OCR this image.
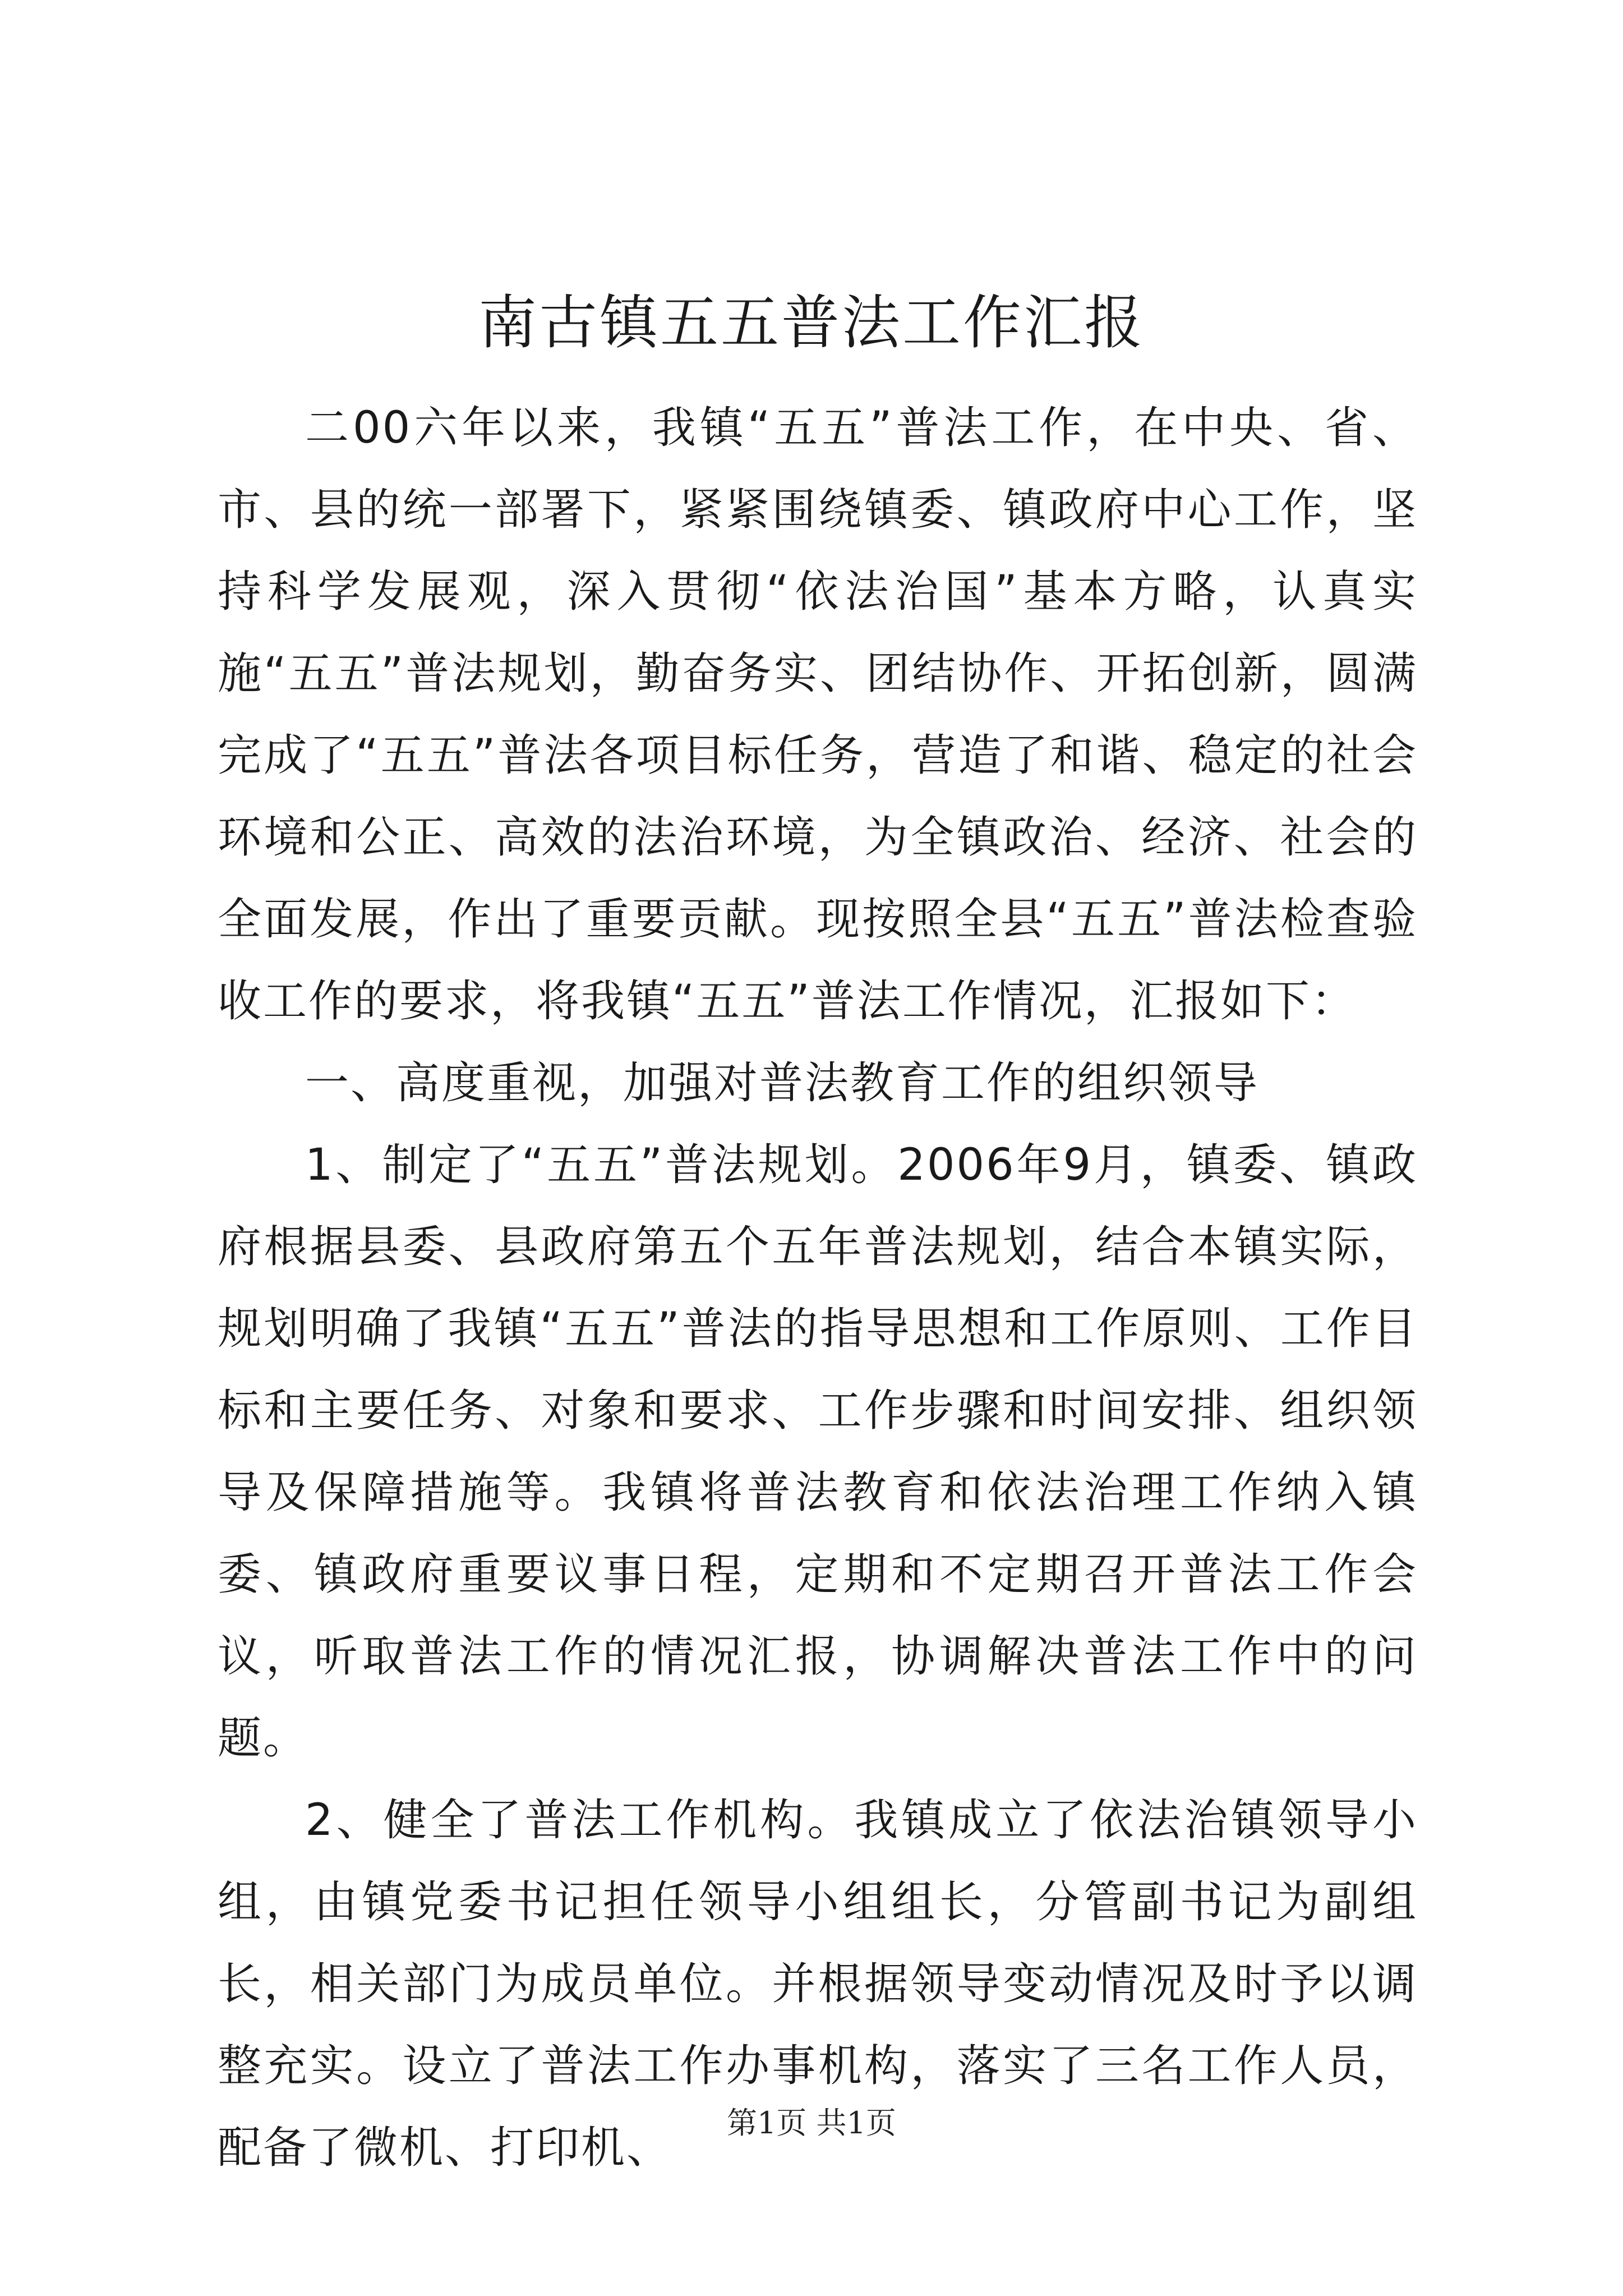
南古镇五五普法工作汇报

二00六年以来，我镇“五五”普法工作，在中央、省、市、县的统一部署下，紧紧围绕镇委、镇政府中心工作，坚持科学发展观，深入贯彻“依法治国”基本方略，认真实施“五五”普法规划，勤奋务实、团结协作、开拓创新，圆满完成了“五五”普法各项目标任务，营造了和谐、稳定的社会环境和公正、高效的法治环境，为全镇政治、经济、社会的全面发展，作出了重要贡献。现按照全县“五五”普法检查验收工作的要求，将我镇“五五”普法工作情况，汇报如下：

一、高度重视，加强对普法教育工作的组织领导

1、制定了“五五”普法规划。2006年9月，镇委、镇政府根据县委、县政府第五个五年普法规划，结合本镇实际，规划明确了我镇“五五”普法的指导思想和工作原则、工作目标和主要任务、对象和要求、工作步骤和时间安排、组织领导及保障措施等。我镇将普法教育和依法治理工作纳入镇委、镇政府重要议事日程，定期和不定期召开普法工作会议，听取普法工作的情况汇报，协调解决普法工作中的问题。

2、健全了普法工作机构。我镇成立了依法治镇领导小组，由镇党委书记担任领导小组组长，分管副书记为副组长，相关部门为成员单位。并根据领导变动情况及时予以调整充实。设立了普法工作办事机构，落实了三名工作人员，配备了微机、打印机、	第1页 共1页
